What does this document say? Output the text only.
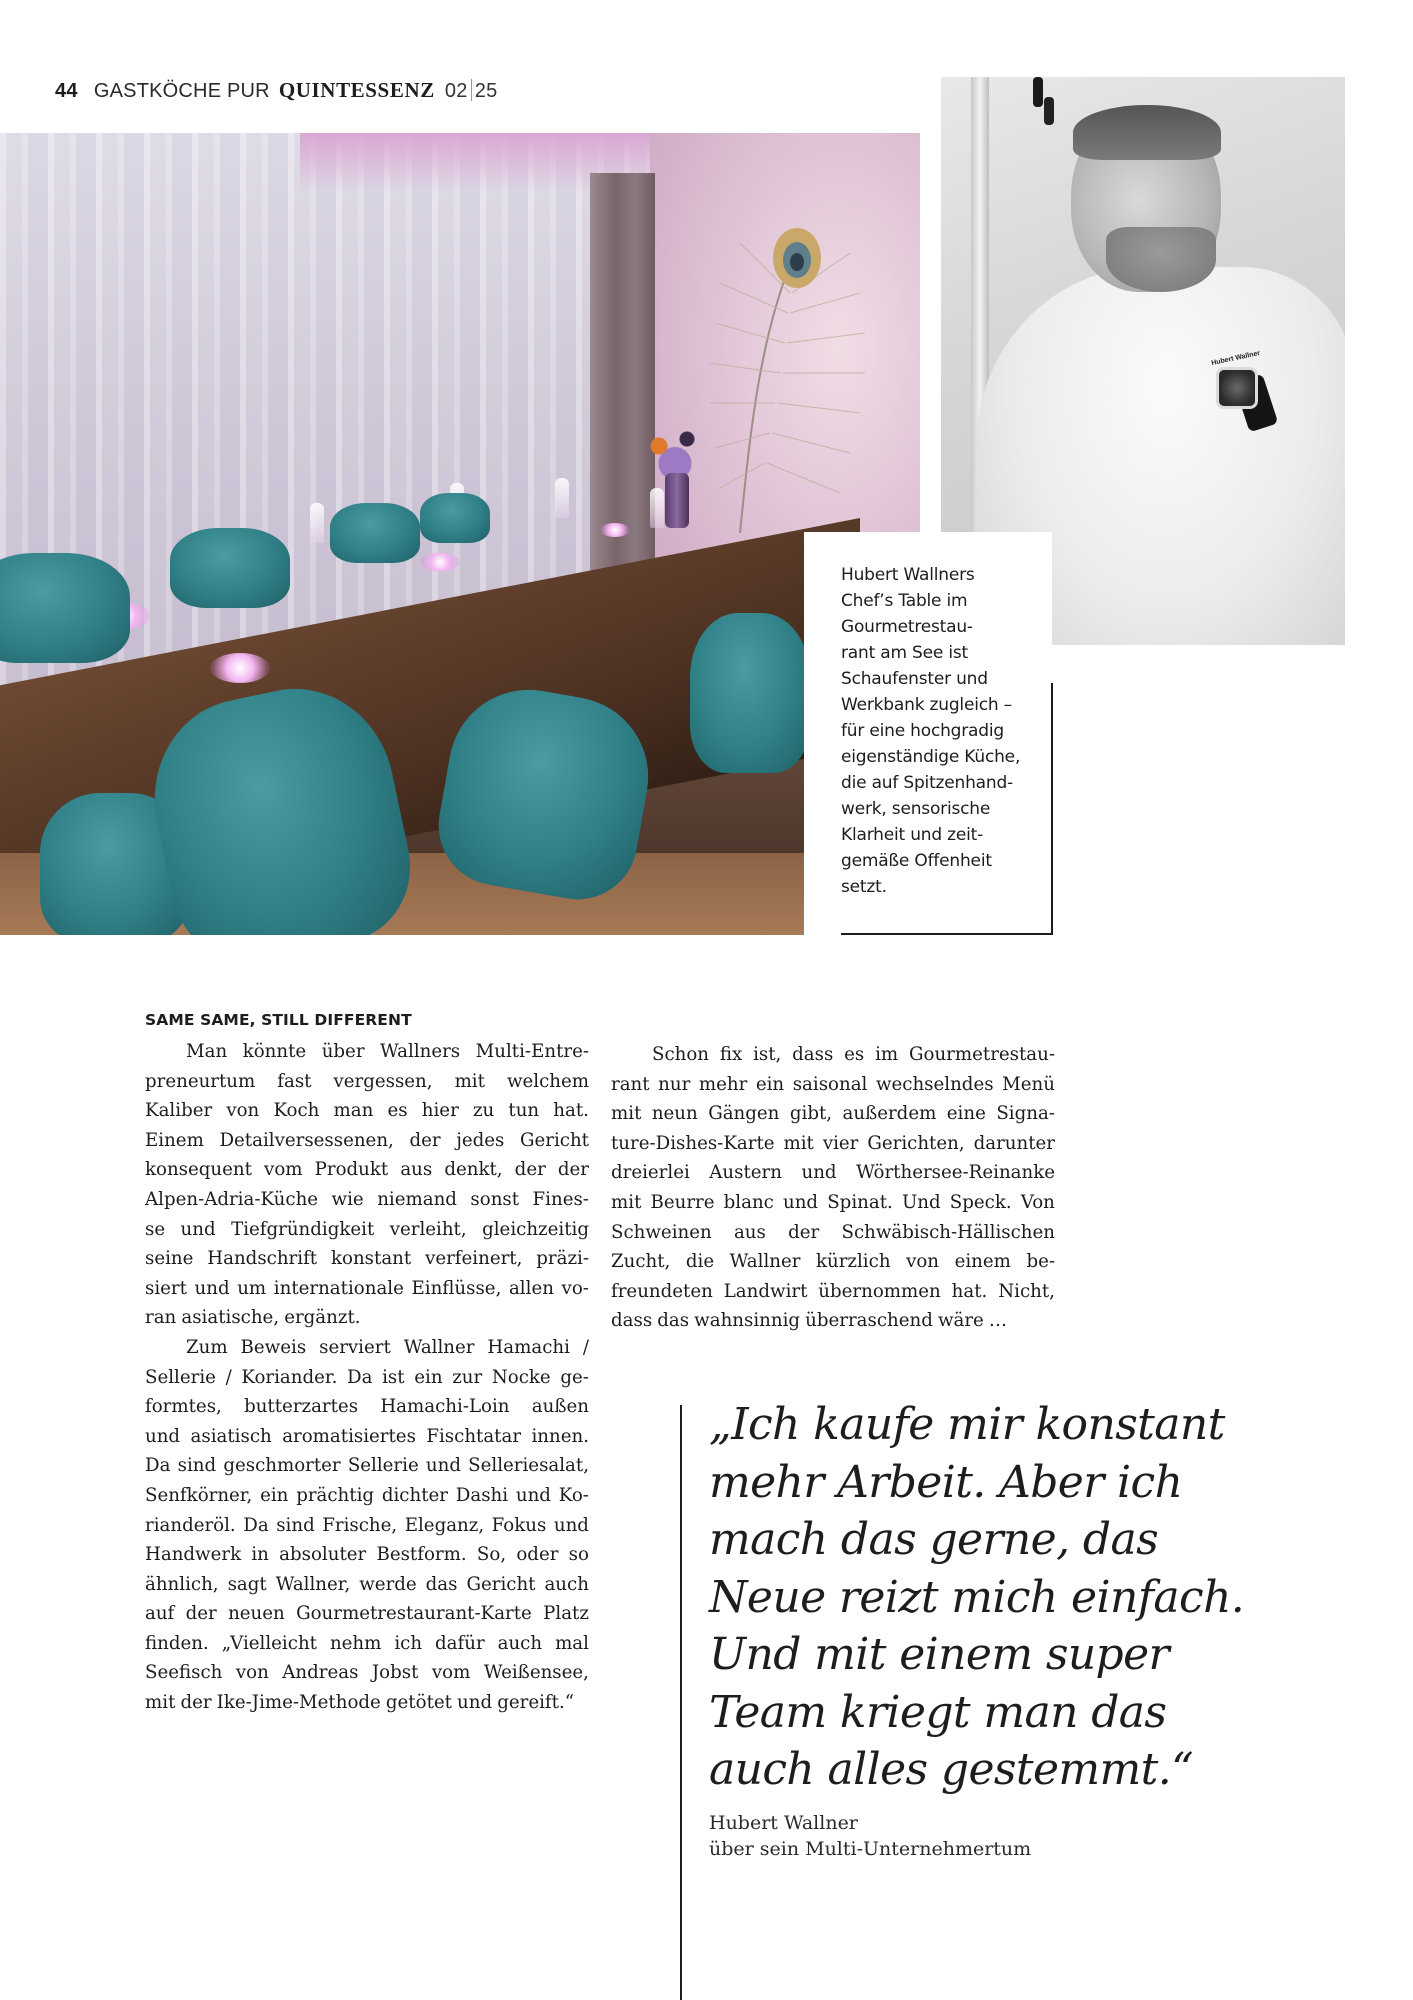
44 GASTKÖCHE PUR QUINTESSENZ 02 25
Hubert Wallner
Hubert Wallners
Chef’s Table im
Gourmetrestau-
rant am See ist
Schaufenster und
Werkbank zugleich –
für eine hochgradig
eigenständige Küche,
die auf Spitzenhand-
werk, sensorische
Klarheit und zeit-
gemäße Offenheit
setzt.
SAME SAME, STILL DIFFERENT
Man könnte über Wallners Multi-Entre-
preneurtum fast vergessen, mit welchem
Kaliber von Koch man es hier zu tun hat.
Einem Detailversessenen, der jedes Gericht
konsequent vom Produkt aus denkt, der der
Alpen-Adria-Küche wie niemand sonst Fines-
se und Tiefgründigkeit verleiht, gleichzeitig
seine Handschrift konstant verfeinert, präzi-
siert und um internationale Einflüsse, allen vo-
ran asiatische, ergänzt.
Zum Beweis serviert Wallner Hamachi /
Sellerie / Koriander. Da ist ein zur Nocke ge-
formtes, butterzartes Hamachi-Loin außen
und asiatisch aromatisiertes Fischtatar innen.
Da sind geschmorter Sellerie und Selleriesalat,
Senfkörner, ein prächtig dichter Dashi und Ko-
rianderöl. Da sind Frische, Eleganz, Fokus und
Handwerk in absoluter Bestform. So, oder so
ähnlich, sagt Wallner, werde das Gericht auch
auf der neuen Gourmetrestaurant-Karte Platz
finden. „Vielleicht nehm ich dafür auch mal
Seefisch von Andreas Jobst vom Weißensee,
mit der Ike-Jime-Methode getötet und gereift.“
Schon fix ist, dass es im Gourmetrestau-
rant nur mehr ein saisonal wechselndes Menü
mit neun Gängen gibt, außerdem eine Signa-
ture-Dishes-Karte mit vier Gerichten, darunter
dreierlei Austern und Wörthersee-Reinanke
mit Beurre blanc und Spinat. Und Speck. Von
Schweinen aus der Schwäbisch-Hällischen
Zucht, die Wallner kürzlich von einem be-
freundeten Landwirt übernommen hat. Nicht,
dass das wahnsinnig überraschend wäre …
„Ich kaufe mir konstant
mehr Arbeit. Aber ich
mach das gerne, das
Neue reizt mich einfach.
Und mit einem super
Team kriegt man das
auch alles gestemmt.“
Hubert Wallner
über sein Multi-Unternehmertum
